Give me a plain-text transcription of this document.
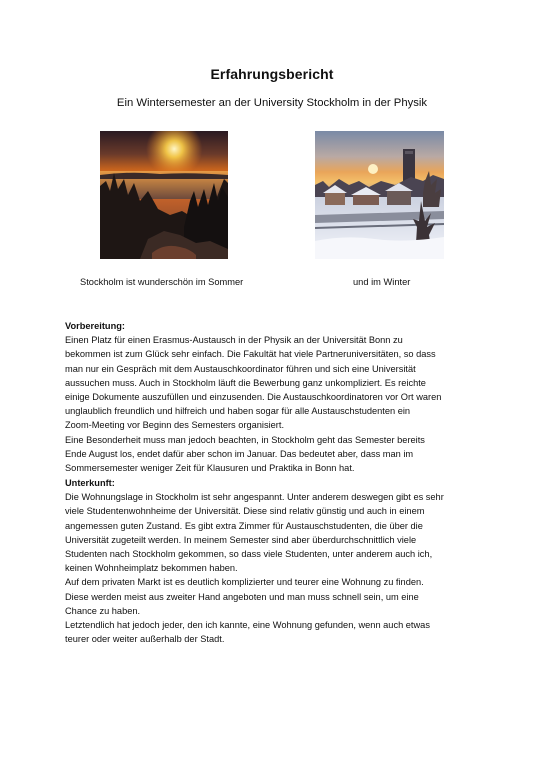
Erfahrungsbericht
Ein Wintersemester an der University Stockholm in der Physik
Stockholm ist wunderschön im Sommer	und im Winter
Vorbereitung:

Einen Platz für einen Erasmus-Austausch in der Physik an der Universität Bonn zu
bekommen ist zum Glück sehr einfach. Die Fakultät hat viele Partneruniversitäten, so dass
man nur ein Gespräch mit dem Austauschkoordinator führen und sich eine Universität
aussuchen muss. Auch in Stockholm läuft die Bewerbung ganz unkompliziert. Es reichte
einige Dokumente auszufüllen und einzusenden. Die Austauschkoordinatoren vor Ort waren
unglaublich freundlich und hilfreich und haben sogar für alle Austauschstudenten ein
Zoom-Meeting vor Beginn des Semesters organisiert.
Eine Besonderheit muss man jedoch beachten, in Stockholm geht das Semester bereits
Ende August los, endet dafür aber schon im Januar. Das bedeutet aber, dass man im
Sommersemester weniger Zeit für Klausuren und Praktika in Bonn hat.

Unterkunft:

Die Wohnungslage in Stockholm ist sehr angespannt. Unter anderem deswegen gibt es sehr
viele Studentenwohnheime der Universität. Diese sind relativ günstig und auch in einem
angemessen guten Zustand. Es gibt extra Zimmer für Austauschstudenten, die über die
Universität zugeteilt werden. In meinem Semester sind aber überdurchschnittlich viele
Studenten nach Stockholm gekommen, so dass viele Studenten, unter anderem auch ich,
keinen Wohnheimplatz bekommen haben.
Auf dem privaten Markt ist es deutlich komplizierter und teurer eine Wohnung zu finden.
Diese werden meist aus zweiter Hand angeboten und man muss schnell sein, um eine
Chance zu haben.
Letztendlich hat jedoch jeder, den ich kannte, eine Wohnung gefunden, wenn auch etwas
teurer oder weiter außerhalb der Stadt.
